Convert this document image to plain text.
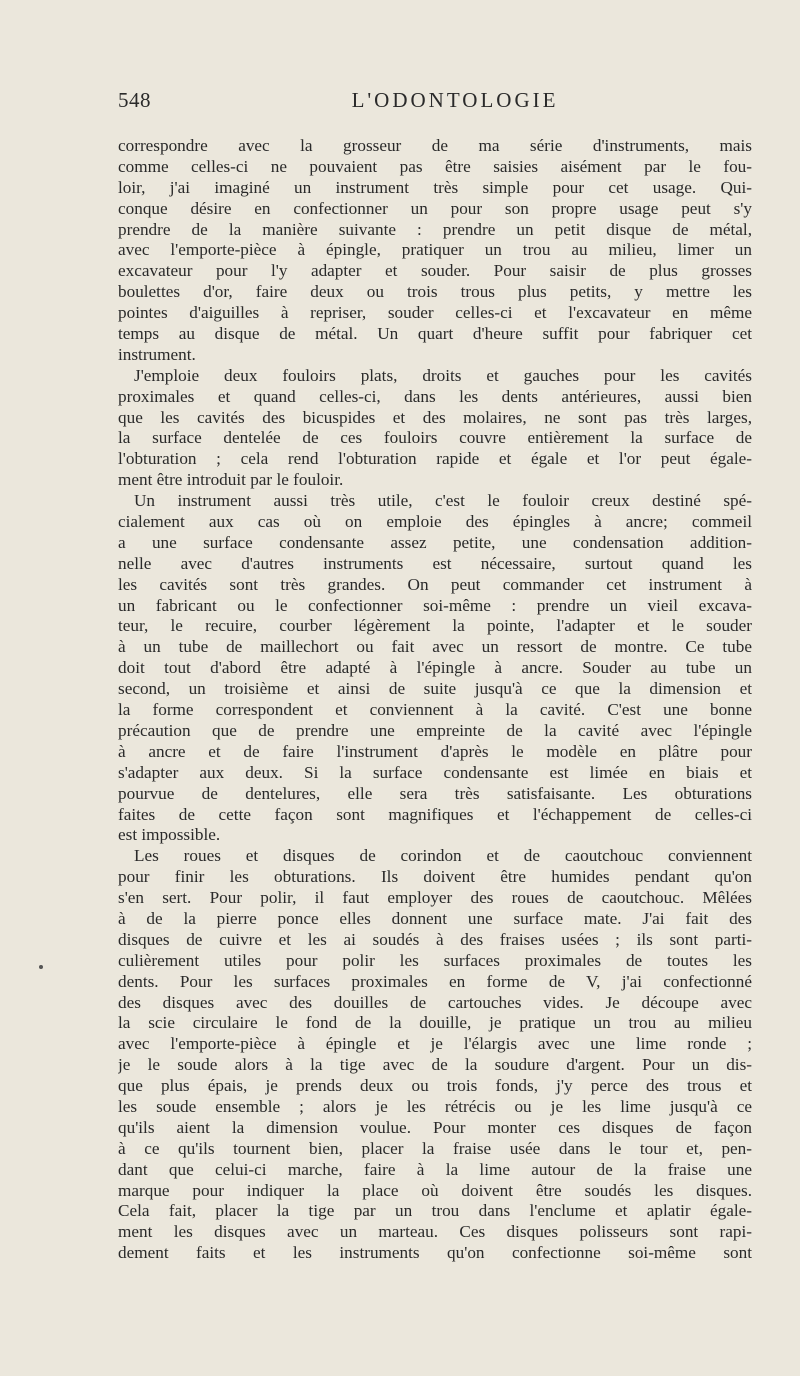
548	L'ODONTOLOGIE
correspondre avec la grosseur de ma série d'instruments, mais
comme celles-ci ne pouvaient pas être saisies aisément par le fou-
loir, j'ai imaginé un instrument très simple pour cet usage. Qui-
conque désire en confectionner un pour son propre usage peut s'y
prendre de la manière suivante : prendre un petit disque de métal,
avec l'emporte-pièce à épingle, pratiquer un trou au milieu, limer un
excavateur pour l'y adapter et souder. Pour saisir de plus grosses
boulettes d'or, faire deux ou trois trous plus petits, y mettre les
pointes d'aiguilles à repriser, souder celles-ci et l'excavateur en même
temps au disque de métal. Un quart d'heure suffit pour fabriquer cet
instrument.
J'emploie deux fouloirs plats, droits et gauches pour les cavités
proximales et quand celles-ci, dans les dents antérieures, aussi bien
que les cavités des bicuspides et des molaires, ne sont pas très larges,
la surface dentelée de ces fouloirs couvre entièrement la surface de
l'obturation ; cela rend l'obturation rapide et égale et l'or peut égale-
ment être introduit par le fouloir.
Un instrument aussi très utile, c'est le fouloir creux destiné spé-
cialement aux cas où on emploie des épingles à ancre; commeil
a une surface condensante assez petite, une condensation addition-
nelle avec d'autres instruments est nécessaire, surtout quand les
les cavités sont très grandes. On peut commander cet instrument à
un fabricant ou le confectionner soi-même : prendre un vieil excava-
teur, le recuire, courber légèrement la pointe, l'adapter et le souder
à un tube de maillechort ou fait avec un ressort de montre. Ce tube
doit tout d'abord être adapté à l'épingle à ancre. Souder au tube un
second, un troisième et ainsi de suite jusqu'à ce que la dimension et
la forme correspondent et conviennent à la cavité. C'est une bonne
précaution que de prendre une empreinte de la cavité avec l'épingle
à ancre et de faire l'instrument d'après le modèle en plâtre pour
s'adapter aux deux. Si la surface condensante est limée en biais et
pourvue de dentelures, elle sera très satisfaisante. Les obturations
faites de cette façon sont magnifiques et l'échappement de celles-ci
est impossible.
Les roues et disques de corindon et de caoutchouc conviennent
pour finir les obturations. Ils doivent être humides pendant qu'on
s'en sert. Pour polir, il faut employer des roues de caoutchouc. Mêlées
à de la pierre ponce elles donnent une surface mate. J'ai fait des
disques de cuivre et les ai soudés à des fraises usées ; ils sont parti-
culièrement utiles pour polir les surfaces proximales de toutes les
dents. Pour les surfaces proximales en forme de V, j'ai confectionné
des disques avec des douilles de cartouches vides. Je découpe avec
la scie circulaire le fond de la douille, je pratique un trou au milieu
avec l'emporte-pièce à épingle et je l'élargis avec une lime ronde ;
je le soude alors à la tige avec de la soudure d'argent. Pour un dis-
que plus épais, je prends deux ou trois fonds, j'y perce des trous et
les soude ensemble ; alors je les rétrécis ou je les lime jusqu'à ce
qu'ils aient la dimension voulue. Pour monter ces disques de façon
à ce qu'ils tournent bien, placer la fraise usée dans le tour et, pen-
dant que celui-ci marche, faire à la lime autour de la fraise une
marque pour indiquer la place où doivent être soudés les disques.
Cela fait, placer la tige par un trou dans l'enclume et aplatir égale-
ment les disques avec un marteau. Ces disques polisseurs sont rapi-
dement faits et les instruments qu'on confectionne soi-même sont
